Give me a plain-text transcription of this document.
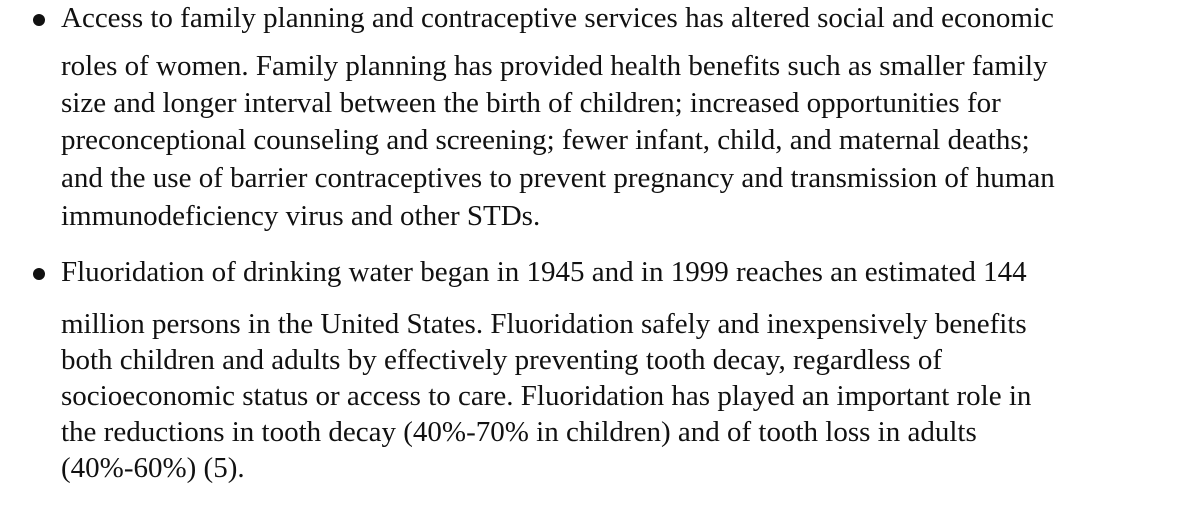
Access to family planning and contraceptive services has altered social and economic
roles of women. Family planning has provided health benefits such as smaller family
size and longer interval between the birth of children; increased opportunities for
preconceptional counseling and screening; fewer infant, child, and maternal deaths;
and the use of barrier contraceptives to prevent pregnancy and transmission of human
immunodeficiency virus and other STDs.
Fluoridation of drinking water began in 1945 and in 1999 reaches an estimated 144
million persons in the United States. Fluoridation safely and inexpensively benefits
both children and adults by effectively preventing tooth decay, regardless of
socioeconomic status or access to care. Fluoridation has played an important role in
the reductions in tooth decay (40%-70% in children) and of tooth loss in adults
(40%-60%) (5).
